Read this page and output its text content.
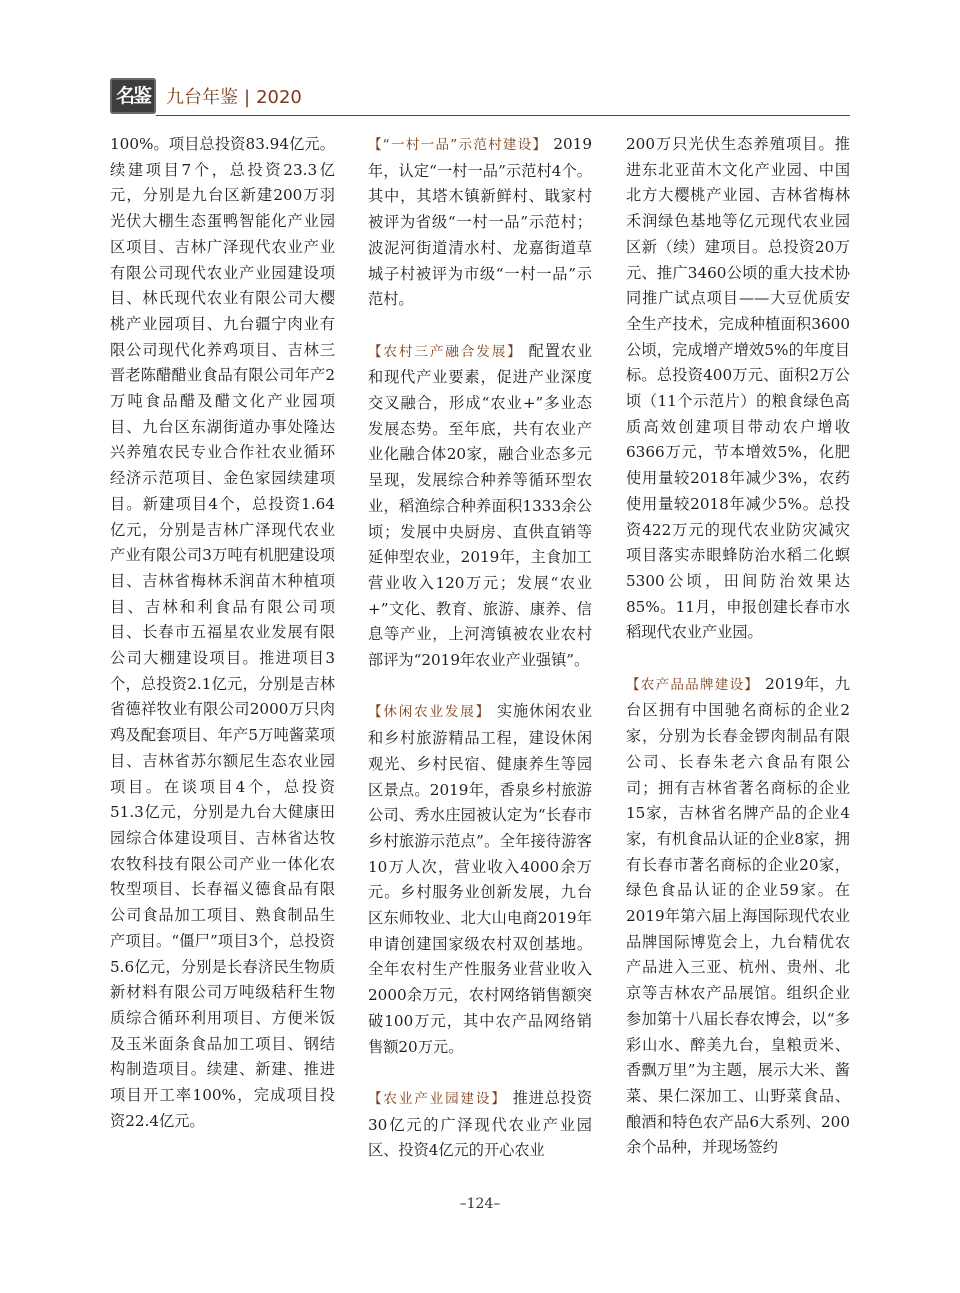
名鉴 九台年鉴 | 2020

100%。项目总投资83.94亿元。续建项目7个，总投资23.3亿元，分别是九台区新建200万羽光伏大棚生态蛋鸭智能化产业园区项目、吉林广泽现代农业产业有限公司现代农业产业园建设项目、林氏现代农业有限公司大樱桃产业园项目、九台疆宁肉业有限公司现代化养鸡项目、吉林三晋老陈醋醋业食品有限公司年产2万吨食品醋及醋文化产业园项目、九台区东湖街道办事处隆达兴养殖农民专业合作社农业循环经济示范项目、金色家园续建项目。新建项目4个，总投资1.64亿元，分别是吉林广泽现代农业产业有限公司3万吨有机肥建设项目、吉林省梅林禾润苗木种植项目、吉林和利食品有限公司项目、长春市五福星农业发展有限公司大棚建设项目。推进项目3个，总投资2.1亿元，分别是吉林省德祥牧业有限公司2000万只肉鸡及配套项目、年产5万吨酱菜项目、吉林省苏尔额尼生态农业园项目。在谈项目4个，总投资51.3亿元，分别是九台大健康田园综合体建设项目、吉林省达牧农牧科技有限公司产业一体化农牧型项目、长春福义德食品有限公司食品加工项目、熟食制品生产项目。“僵尸”项目3个，总投资5.6亿元，分别是长春济民生物质新材料有限公司万吨级秸秆生物质综合循环利用项目、方便米饭及玉米面条食品加工项目、钢结构制造项目。续建、新建、推进项目开工率100%，完成项目投资22.4亿元。

【“一村一品”示范村建设】 2019年，认定“一村一品”示范村4个。其中，其塔木镇新鲜村、戢家村被评为省级“一村一品”示范村；波泥河街道清水村、龙嘉街道草城子村被评为市级“一村一品”示范村。

【农村三产融合发展】 配置农业和现代产业要素，促进产业深度交叉融合，形成“农业+”多业态发展态势。至年底，共有农业产业化融合体20家，融合业态多元呈现，发展综合种养等循环型农业，稻渔综合种养面积1333余公顷；发展中央厨房、直供直销等延伸型农业，2019年，主食加工营业收入120万元；发展“农业+”文化、教育、旅游、康养、信息等产业，上河湾镇被农业农村部评为“2019年农业产业强镇”。

【休闲农业发展】 实施休闲农业和乡村旅游精品工程，建设休闲观光、乡村民宿、健康养生等园区景点。2019年，香泉乡村旅游公司、秀水庄园被认定为“长春市乡村旅游示范点”。全年接待游客10万人次，营业收入4000余万元。乡村服务业创新发展，九台区东师牧业、北大山电商2019年申请创建国家级农村双创基地。全年农村生产性服务业营业收入2000余万元，农村网络销售额突破100万元，其中农产品网络销售额20万元。

【农业产业园建设】 推进总投资30亿元的广泽现代农业产业园区、投资4亿元的开心农业

200万只光伏生态养殖项目。推进东北亚苗木文化产业园、中国北方大樱桃产业园、吉林省梅林禾润绿色基地等亿元现代农业园区新（续）建项目。总投资20万元、推广3460公顷的重大技术协同推广试点项目——大豆优质安全生产技术，完成种植面积3600公顷，完成增产增效5%的年度目标。总投资400万元、面积2万公顷（11个示范片）的粮食绿色高质高效创建项目带动农户增收6366万元，节本增效5%，化肥使用量较2018年减少3%，农药使用量较2018年减少5%。总投资422万元的现代农业防灾减灾项目落实赤眼蜂防治水稻二化螟5300公顷，田间防治效果达85%。11月，申报创建长春市水稻现代农业产业园。

【农产品品牌建设】 2019年，九台区拥有中国驰名商标的企业2家，分别为长春金锣肉制品有限公司、长春朱老六食品有限公司；拥有吉林省著名商标的企业15家，吉林省名牌产品的企业4家，有机食品认证的企业8家，拥有长春市著名商标的企业20家，绿色食品认证的企业59家。在2019年第六届上海国际现代农业品牌国际博览会上，九台精优农产品进入三亚、杭州、贵州、北京等吉林农产品展馆。组织企业参加第十八届长春农博会，以“多彩山水、醉美九台，皇粮贡米、香飘万里”为主题，展示大米、酱菜、果仁深加工、山野菜食品、酿酒和特色农产品6大系列、200余个品种，并现场签约

–124–
